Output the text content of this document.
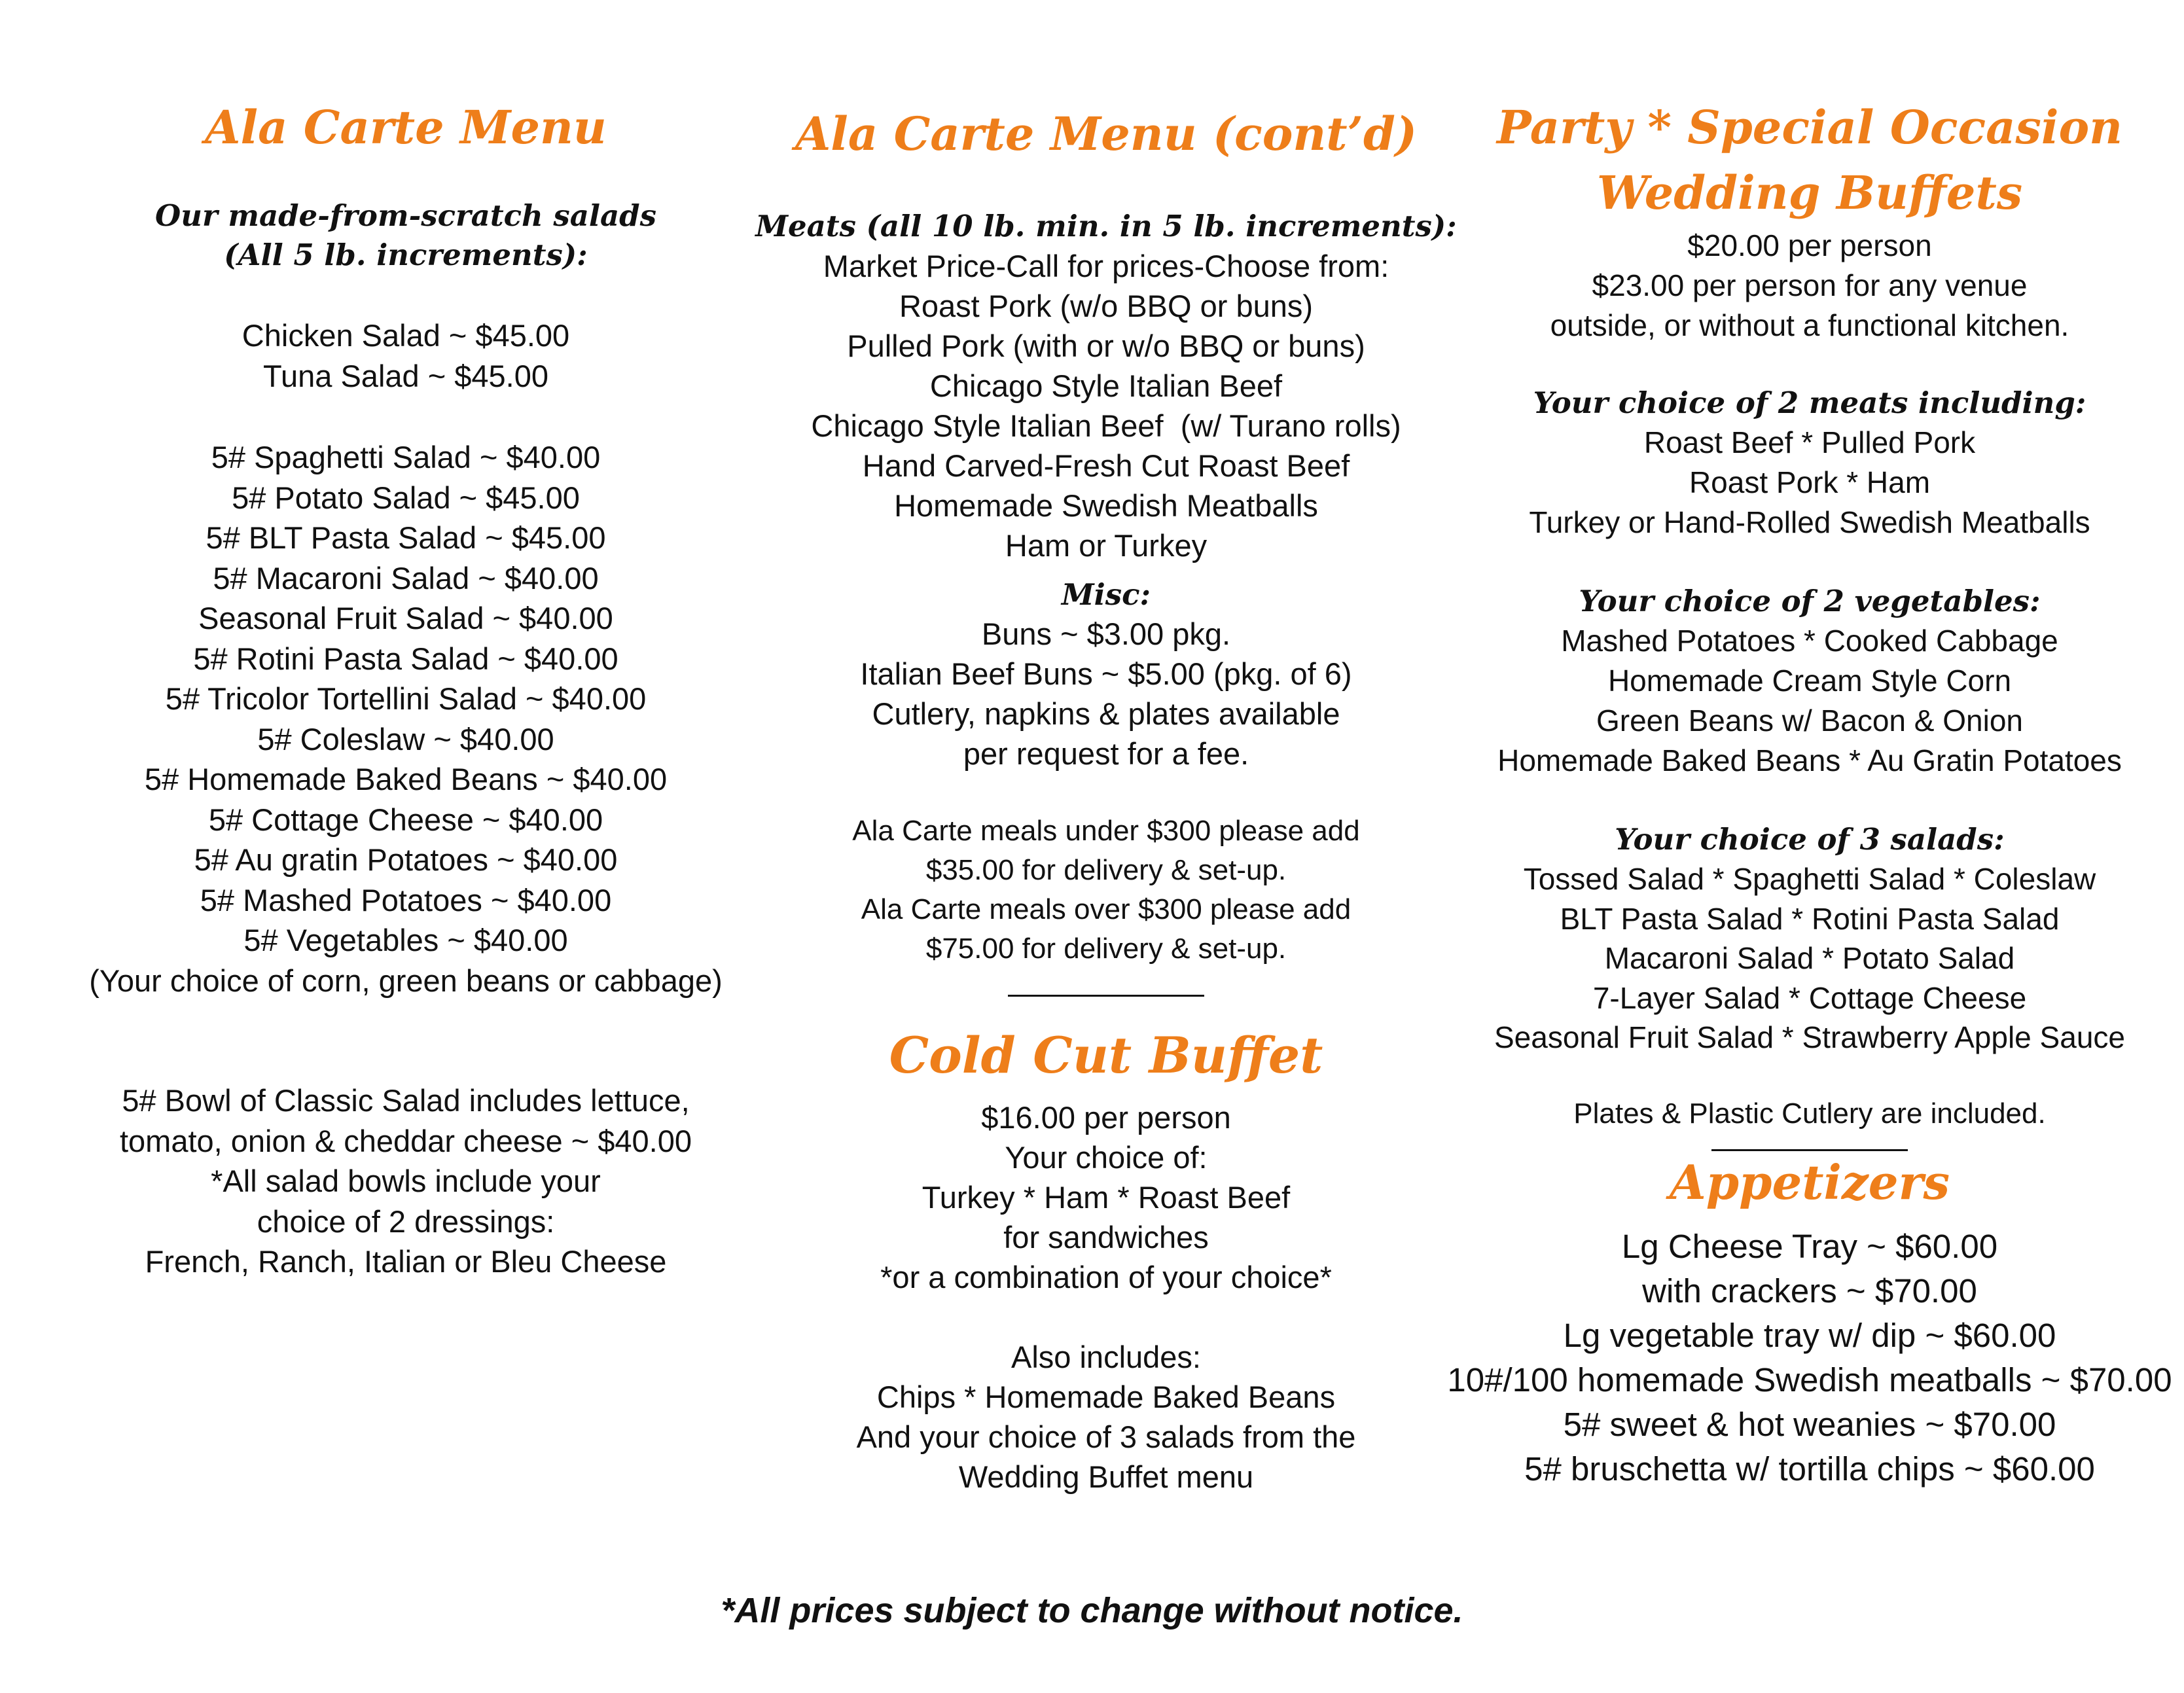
Ala Carte Menu
Our made-from-scratch salads
(All 5 lb. increments):
Chicken Salad ~ $45.00
Tuna Salad ~ $45.00
5# Spaghetti Salad ~ $40.00
5# Potato Salad ~ $45.00
5# BLT Pasta Salad ~ $45.00
5# Macaroni Salad ~ $40.00
Seasonal Fruit Salad ~ $40.00
5# Rotini Pasta Salad ~ $40.00
5# Tricolor Tortellini Salad ~ $40.00
5# Coleslaw ~ $40.00
5# Homemade Baked Beans ~ $40.00
5# Cottage Cheese ~ $40.00
5# Au gratin Potatoes ~ $40.00
5# Mashed Potatoes ~ $40.00
5# Vegetables ~ $40.00
(Your choice of corn, green beans or cabbage)
5# Bowl of Classic Salad includes lettuce,
tomato, onion & cheddar cheese ~ $40.00
*All salad bowls include your
choice of 2 dressings:
French, Ranch, Italian or Bleu Cheese
Ala Carte Menu (cont’d)
Meats (all 10 lb. min. in 5 lb. increments):
Market Price-Call for prices-Choose from:
Roast Pork (w/o BBQ or buns)
Pulled Pork (with or w/o BBQ or buns)
Chicago Style Italian Beef
Chicago Style Italian Beef  (w/ Turano rolls)
Hand Carved-Fresh Cut Roast Beef
Homemade Swedish Meatballs
Ham or Turkey
Misc:
Buns ~ $3.00 pkg.
Italian Beef Buns ~ $5.00 (pkg. of 6)
Cutlery, napkins & plates available
per request for a fee.
Ala Carte meals under $300 please add
$35.00 for delivery & set-up.
Ala Carte meals over $300 please add
$75.00 for delivery & set-up.
Cold Cut Buffet
$16.00 per person
Your choice of:
Turkey * Ham * Roast Beef
for sandwiches
*or a combination of your choice*
Also includes:
Chips * Homemade Baked Beans
And your choice of 3 salads from the
Wedding Buffet menu
Party * Special Occasion
Wedding Buffets
$20.00 per person
$23.00 per person for any venue
outside, or without a functional kitchen.
Your choice of 2 meats including:
Roast Beef * Pulled Pork
Roast Pork * Ham
Turkey or Hand-Rolled Swedish Meatballs
Your choice of 2 vegetables:
Mashed Potatoes * Cooked Cabbage
Homemade Cream Style Corn
Green Beans w/ Bacon & Onion
Homemade Baked Beans * Au Gratin Potatoes
Your choice of 3 salads:
Tossed Salad * Spaghetti Salad * Coleslaw
BLT Pasta Salad * Rotini Pasta Salad
Macaroni Salad * Potato Salad
7-Layer Salad * Cottage Cheese
Seasonal Fruit Salad * Strawberry Apple Sauce
Plates & Plastic Cutlery are included.
Appetizers
Lg Cheese Tray ~ $60.00
with crackers ~ $70.00
Lg vegetable tray w/ dip ~ $60.00
10#/100 homemade Swedish meatballs ~ $70.00
5# sweet & hot weanies ~ $70.00
5# bruschetta w/ tortilla chips ~ $60.00
*All prices subject to change without notice.
